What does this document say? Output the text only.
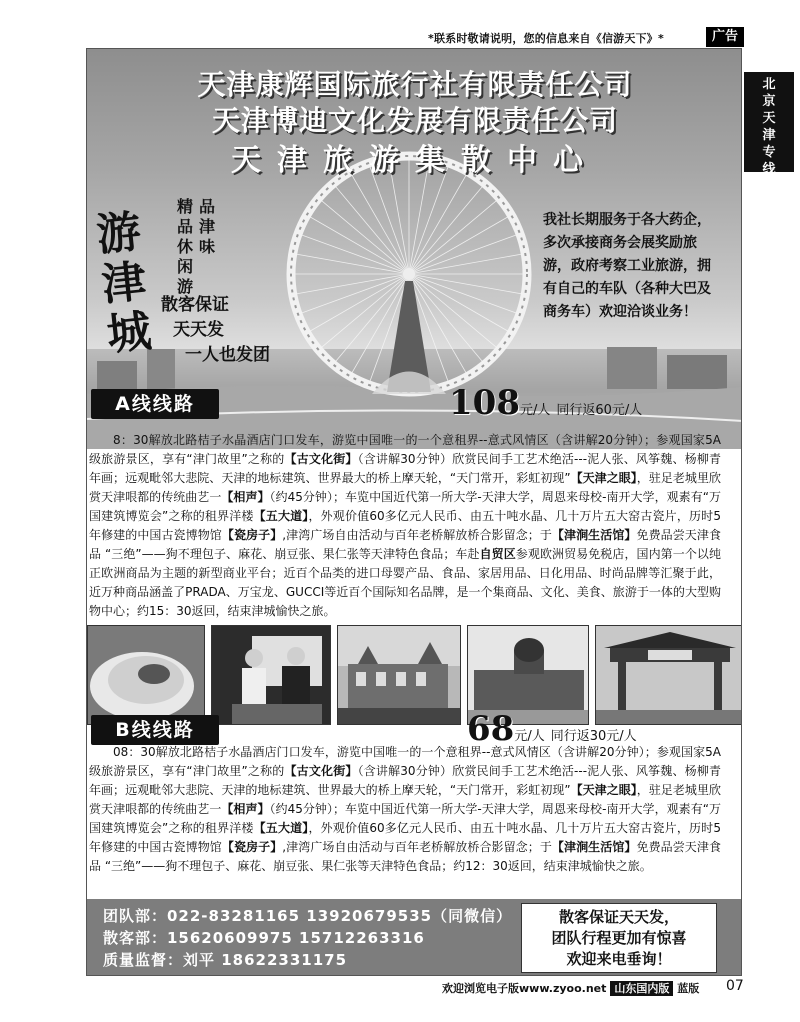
*联系时敬请说明，您的信息来自《信游天下》*	广告
北
京
天
津
专
线
天津康辉国际旅行社有限责任公司
天津博迪文化发展有限责任公司
天津旅游集散中心
游
津
城
精
品
休
闲
游
品
津
味
散客保证
天天发
一人也发团
我社长期服务于各大药企，多次承接商务会展奖励旅游，政府考察工业旅游，拥有自己的车队（各种大巴及商务车）欢迎洽谈业务！
A线线路	108元/人 同行返60元/人

8：30解放北路桔子水晶酒店门口发车，游览中国唯一的一个意租界--意式风情区（含讲解20分钟）；参观国家5A级旅游景区，享有“津门故里”之称的【古文化街】（含讲解30分钟）欣赏民间手工艺术绝活---泥人张、风筝魏、杨柳青年画；远观毗邻大悲院、天津的地标建筑、世界最大的桥上摩天轮，“天门常开，彩虹初现”【天津之眼】，驻足老城里欣赏天津哏都的传统曲艺一【相声】（约45分钟）；车览中国近代第一所大学-天津大学，周恩来母校-南开大学，观素有“万国建筑博览会”之称的租界洋楼【五大道】，外观价值60多亿元人民币、由五十吨水晶、几十万片五大窑古瓷片，历时5年修建的中国古瓷博物馆【瓷房子】,津湾广场自由活动与百年老桥解放桥合影留念；于【津涧生活馆】免费品尝天津食品 “三绝”——狗不理包子、麻花、崩豆张、果仁张等天津特色食品；车赴自贸区参观欧洲贸易免税店，国内第一个以纯正欧洲商品为主题的新型商业平台；近百个品类的进口母婴产品、食品、家居用品、日化用品、时尚品牌等汇聚于此，近万种商品涵盖了PRADA、万宝龙、GUCCI等近百个国际知名品牌，是一个集商品、文化、美食、旅游于一体的大型购物中心；约15：30返回，结束津城愉快之旅。

B线线路	68元/人 同行返30元/人

08：30解放北路桔子水晶酒店门口发车，游览中国唯一的一个意租界--意式风情区（含讲解20分钟）；参观国家5A级旅游景区，享有“津门故里”之称的【古文化街】（含讲解30分钟）欣赏民间手工艺术绝活---泥人张、风筝魏、杨柳青年画；远观毗邻大悲院、天津的地标建筑、世界最大的桥上摩天轮，“天门常开，彩虹初现”【天津之眼】，驻足老城里欣赏天津哏都的传统曲艺一【相声】（约45分钟）；车览中国近代第一所大学-天津大学，周恩来母校-南开大学，观素有“万国建筑博览会”之称的租界洋楼【五大道】，外观价值60多亿元人民币、由五十吨水晶、几十万片五大窑古瓷片，历时5年修建的中国古瓷博物馆【瓷房子】,津湾广场自由活动与百年老桥解放桥合影留念；于【津涧生活馆】免费品尝天津食品 “三绝”——狗不理包子、麻花、崩豆张、果仁张等天津特色食品；约12：30返回，结束津城愉快之旅。

团队部：022-83281165 13920679535（同微信）
散客部：15620609975 15712263316
质量监督：刘平 18622331175
散客保证天天发，
团队行程更加有惊喜
欢迎来电垂询！
欢迎浏览电子版www.zyoo.net 山东国内版 蓝版 07
